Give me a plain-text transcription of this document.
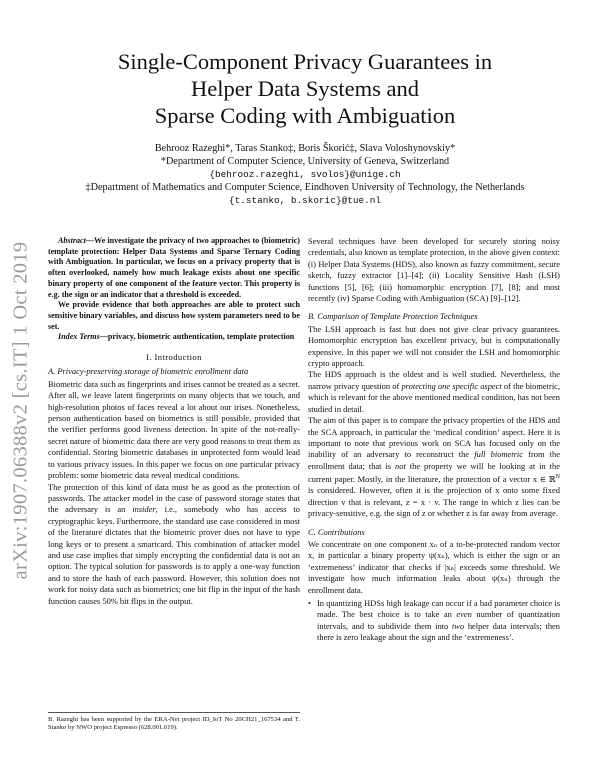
arXiv:1907.06388v2 [cs.IT] 1 Oct 2019
Single-Component Privacy Guarantees in
Helper Data Systems and
Sparse Coding with Ambiguation
Behrooz Razeghi*, Taras Stanko‡, Boris Škorić‡, Slava Voloshynovskiy*
*Department of Computer Science, University of Geneva, Switzerland
{behrooz.razeghi, svolos}@unige.ch
‡Department of Mathematics and Computer Science, Eindhoven University of Technology, the Netherlands
{t.stanko, b.skoric}@tue.nl

Abstract—We investigate the privacy of two approaches to (biometric) template protection: Helper Data Systems and Sparse Ternary Coding with Ambiguation. In particular, we focus on a privacy property that is often overlooked, namely how much leakage exists about one specific binary property of one component of the feature vector. This property is e.g. the sign or an indicator that a threshold is exceeded.

We provide evidence that both approaches are able to protect such sensitive binary variables, and discuss how system parameters need to be set.

Index Terms—privacy, biometric authentication, template protection

I. Introduction
A. Privacy-preserving storage of biometric enrollment data

Biometric data such as fingerprints and irises cannot be treated as a secret. After all, we leave latent fingerprints on many objects that we touch, and high-resolution photos of faces reveal a lot about our irises. Nonetheless, person authentication based on biometrics is still possible, provided that the verifier performs good liveness detection. In spite of the not-really-secret nature of biometric data there are very good reasons to treat them as confidential. Storing biometric databases in unprotected form would lead to various privacy issues. In this paper we focus on one particular privacy problem: some biometric data reveal medical conditions.

The protection of this kind of data must be as good as the protection of passwords. The attacker model in the case of password storage states that the adversary is an insider, i.e., somebody who has access to cryptographic keys. Furthermore, the standard use case considered in most of the literature dictates that the biometric prover does not have to type long keys or to present a smartcard. This combination of attacker model and use case implies that simply encrypting the confidential data is not an option. The typical solution for passwords is to apply a one-way function and to store the hash of each password. However, this solution does not work for noisy data such as biometrics; one bit flip in the input of the hash function causes 50% bit flips in the output.

B. Razeghi has been supported by the ERA-Net project ID_IoT No 20CH21_167534 and T. Stanko by NWO project Espresso (628.001.019).

Several techniques have been developed for securely storing noisy credentials, also known as template protection, in the above given context: (i) Helper Data Systems (HDS), also known as fuzzy commitment, secure sketch, fuzzy extractor [1]–[4]; (ii) Locality Sensitive Hash (LSH) functions [5], [6]; (iii) homomorphic encryption [7], [8]; and most recently (iv) Sparse Coding with Ambiguation (SCA) [9]–[12].

B. Comparison of Template Protection Techniques

The LSH approach is fast but does not give clear privacy guarantees. Homomorphic encryption has excellent privacy, but is computationally expensive. In this paper we will not consider the LSH and homomorphic crypto approach.

The HDS approach is the oldest and is well studied. Nevertheless, the narrow privacy question of protecting one specific aspect of the biometric, which is relevant for the above mentioned medical condition, has not been studied in detail.

The aim of this paper is to compare the privacy properties of the HDS and the SCA approach, in particular the ‘medical condition’ aspect. Here it is important to note that previous work on SCA has focused only on the inability of an adversary to reconstruct the full biometric from the enrollment data; that is not the property we will be looking at in the current paper. Mostly, in the literature, the protection of a vector x ∈ ℝ$^N$ is considered. However, often it is the projection of x onto some fixed direction v that is relevant, z = x · v. The range in which z lies can be privacy-sensitive, e.g. the sign of z or whether z is far away from average.

C. Contributions

We concentrate on one component xₙ of a to-be-protected random vector x, in particular a binary property ψ(xₙ), which is either the sign or an ‘extremeness’ indicator that checks if |xₙ| exceeds some threshold. We investigate how much information leaks about ψ(xₙ) through the enrollment data.

• In quantizing HDSs high leakage can occur if a bad parameter choice is made. The best choice is to take an even number of quantization intervals, and to subdivide them into two helper data intervals; then there is zero leakage about the sign and the ‘extremeness’.
